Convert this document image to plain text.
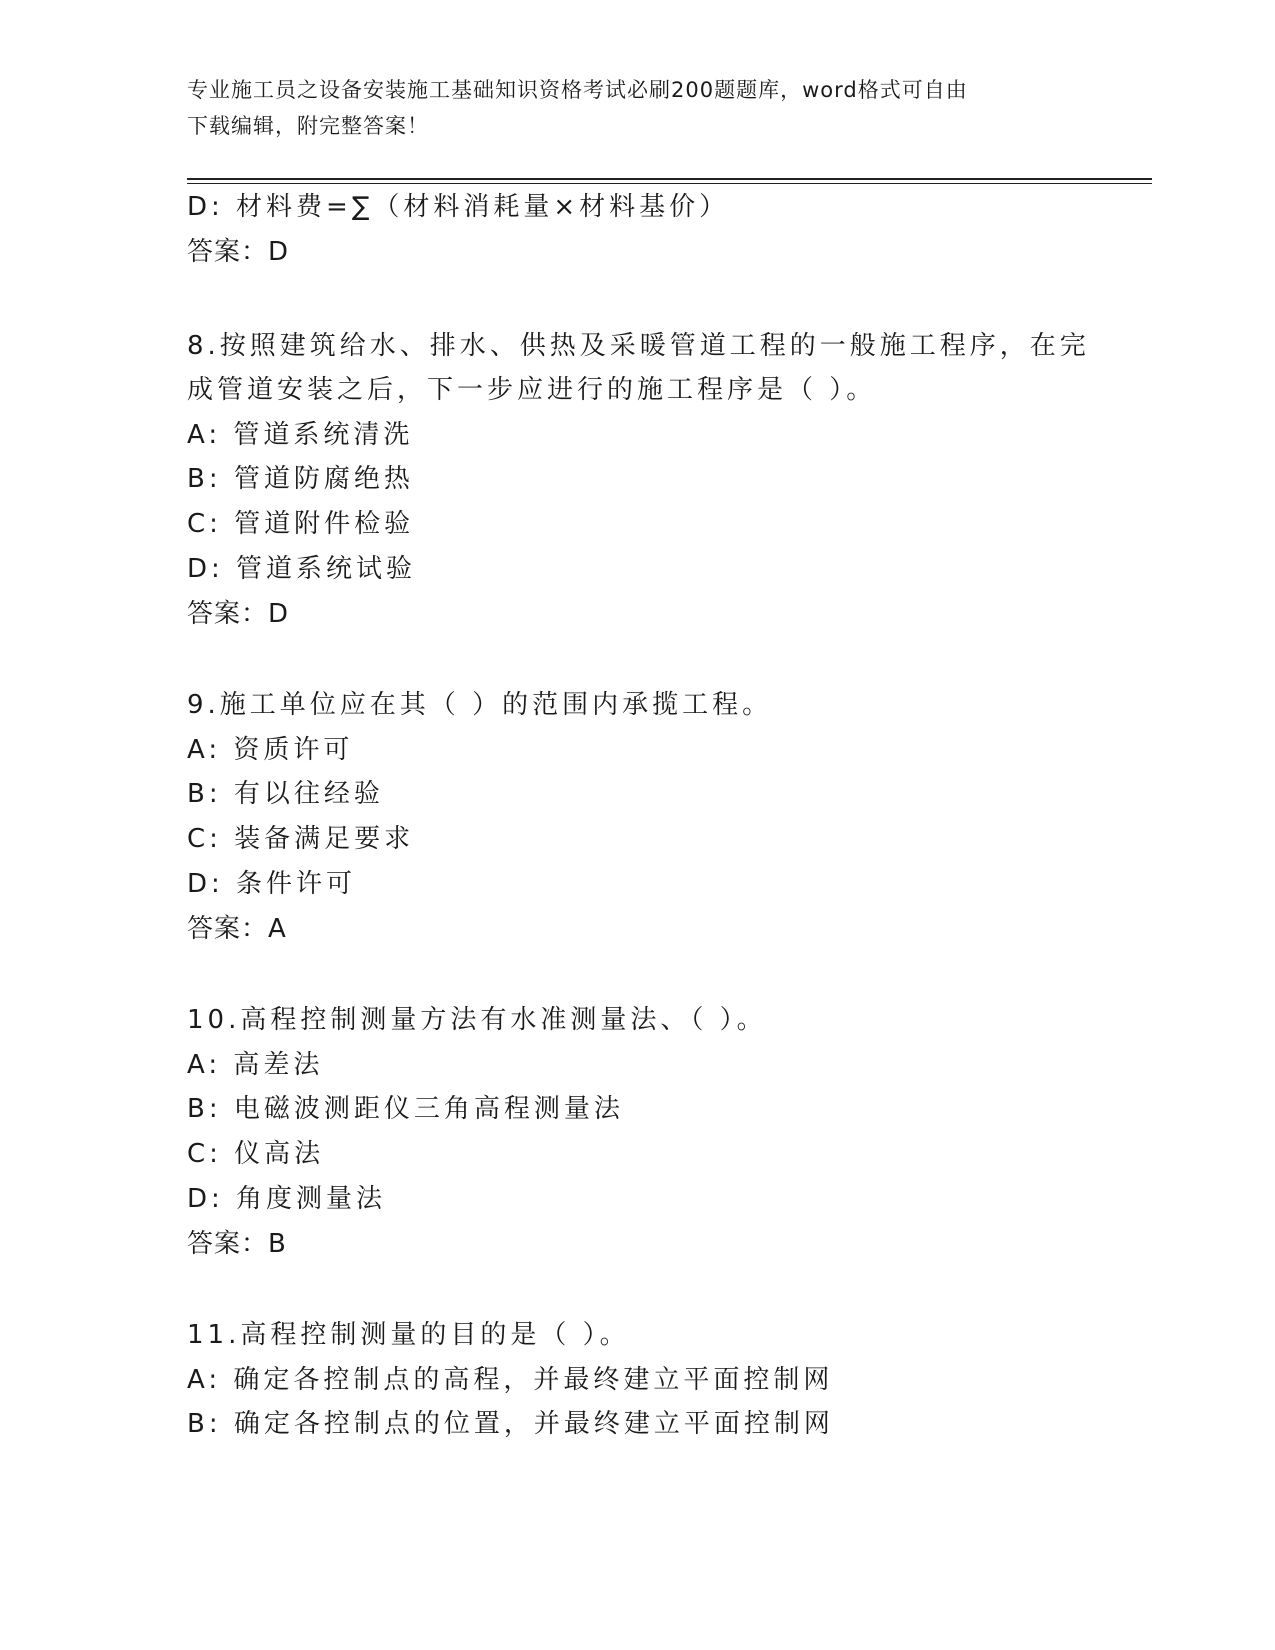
专业施工员之设备安装施工基础知识资格考试必刷200题题库，word格式可自由
下载编辑，附完整答案！
D: 材料费=∑（材料消耗量×材料基价）
答案：D
8.按照建筑给水、排水、供热及采暖管道工程的一般施工程序，在完
成管道安装之后，下一步应进行的施工程序是（ ）。
A: 管道系统清洗
B: 管道防腐绝热
C: 管道附件检验
D: 管道系统试验
答案：D
9.施工单位应在其（ ）的范围内承揽工程。
A: 资质许可
B: 有以往经验
C: 装备满足要求
D: 条件许可
答案：A
10.高程控制测量方法有水准测量法、（ ）。
A: 高差法
B: 电磁波测距仪三角高程测量法
C: 仪高法
D: 角度测量法
答案：B
11.高程控制测量的目的是（ ）。
A: 确定各控制点的高程，并最终建立平面控制网
B: 确定各控制点的位置，并最终建立平面控制网
